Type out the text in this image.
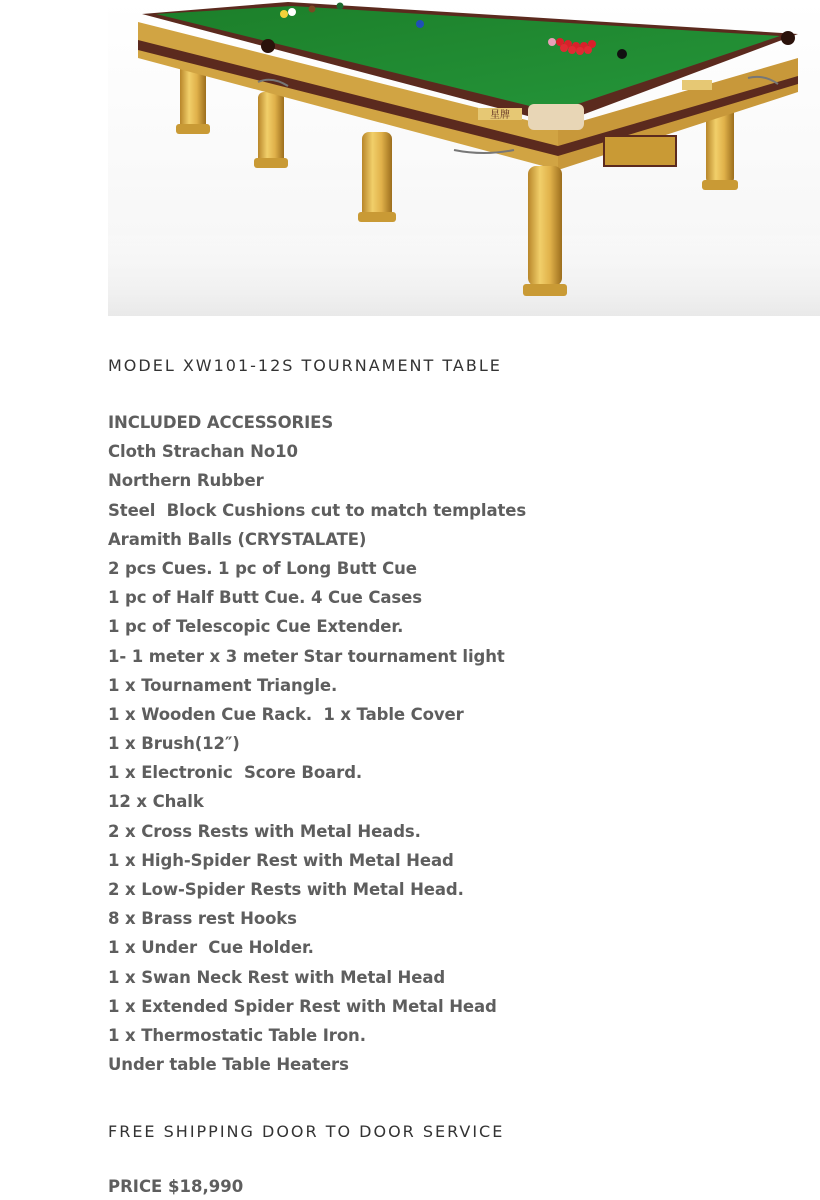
星牌
MODEL XW101-12S TOURNAMENT TABLE
INCLUDED ACCESSORIES
Cloth Strachan No10
Northern Rubber
Steel  Block Cushions cut to match templates
Aramith Balls (CRYSTALATE)
2 pcs Cues. 1 pc of Long Butt Cue
1 pc of Half Butt Cue. 4 Cue Cases
1 pc of Telescopic Cue Extender.
1- 1 meter x 3 meter Star tournament light
1 x Tournament Triangle.
1 x Wooden Cue Rack.  1 x Table Cover
1 x Brush(12″)
1 x Electronic  Score Board.
12 x Chalk
2 x Cross Rests with Metal Heads.
1 x High-Spider Rest with Metal Head
2 x Low-Spider Rests with Metal Head.
8 x Brass rest Hooks
1 x Under  Cue Holder.
1 x Swan Neck Rest with Metal Head
1 x Extended Spider Rest with Metal Head
1 x Thermostatic Table Iron.
Under table Table Heaters
FREE SHIPPING DOOR TO DOOR SERVICE
PRICE $18,990
